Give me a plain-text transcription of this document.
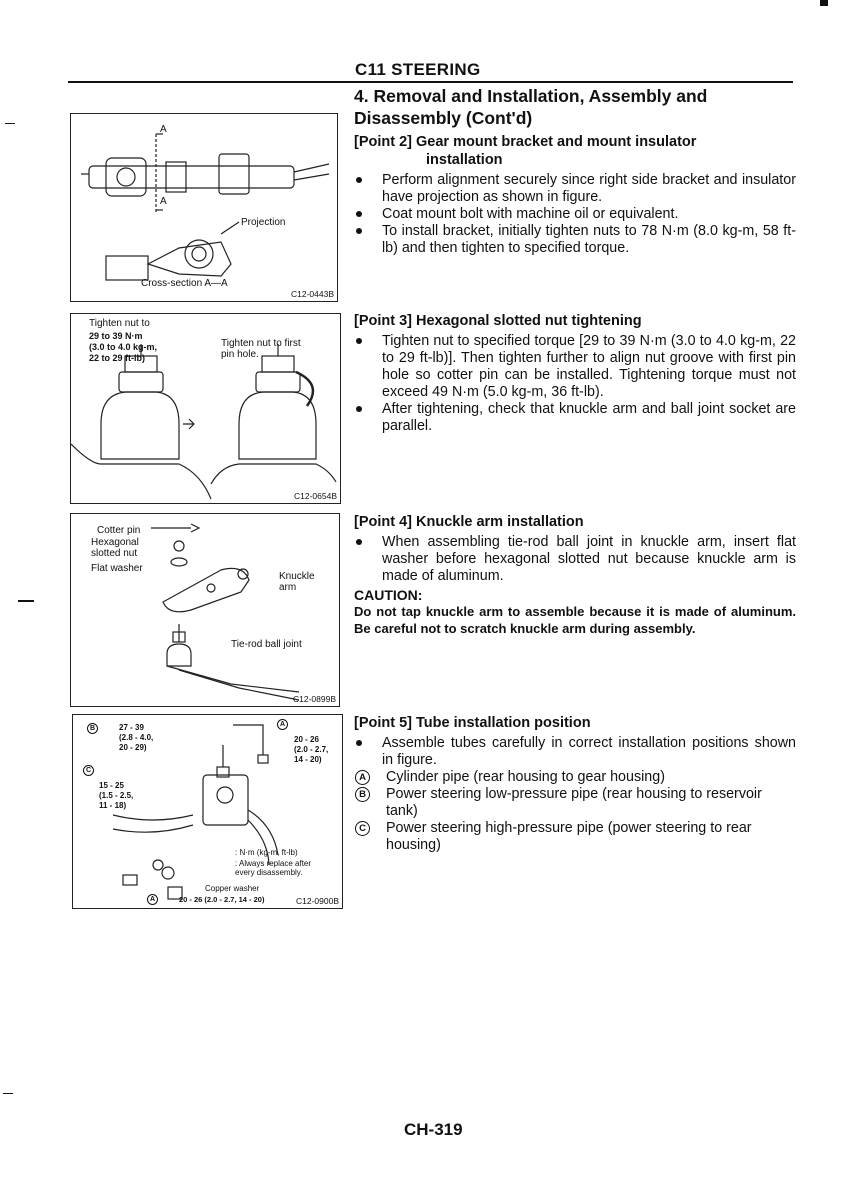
C11 STEERING
4. Removal and Installation, Assembly and Disassembly (Cont'd)
[Point 2] Gear mount bracket and mount insulator
installation
Perform alignment securely since right side bracket and insulator have projection as shown in figure.
Coat mount bolt with machine oil or equivalent.
To install bracket, initially tighten nuts to 78 N·m (8.0 kg-m, 58 ft-lb) and then tighten to specified torque.
[Point 3] Hexagonal slotted nut tightening
Tighten nut to specified torque [29 to 39 N·m (3.0 to 4.0 kg-m, 22 to 29 ft-lb)]. Then tighten further to align nut groove with first pin hole so cotter pin can be installed. Tightening torque must not exceed 49 N·m (5.0 kg-m, 36 ft-lb).
After tightening, check that knuckle arm and ball joint socket are parallel.
[Point 4] Knuckle arm installation
When assembling tie-rod ball joint in knuckle arm, insert flat washer before hexagonal slotted nut because knuckle arm is made of aluminum.
CAUTION:
Do not tap knuckle arm to assemble because it is made of aluminum. Be careful not to scratch knuckle arm during assembly.
[Point 5] Tube installation position
Assemble tubes carefully in correct installation positions shown in figure.
A Cylinder pipe (rear housing to gear housing)
B Power steering low-pressure pipe (rear housing to reservoir tank)
C Power steering high-pressure pipe (power steering to rear housing)
A
A
Projection
Cross-section A—A
C12-0443B
Tighten nut to
29 to 39 N·m
(3.0 to 4.0 kg-m,
22 to 29 ft-lb)
Tighten nut to first
pin hole.
C12-0654B
Cotter pin
Hexagonal
slotted nut
Flat washer
Knuckle
arm
Tie-rod ball joint
C12-0899B
B	27 - 39
(2.8 - 4.0,
20 - 29)
A
20 - 26
(2.0 - 2.7,
14 - 20)
C
15 - 25
(1.5 - 2.5,
11 - 18)
: N·m (kg-m, ft-lb)
: Always replace after
every disassembly.
Copper washer
A	20 - 26 (2.0 - 2.7, 14 - 20)	C12-0900B
CH-319
